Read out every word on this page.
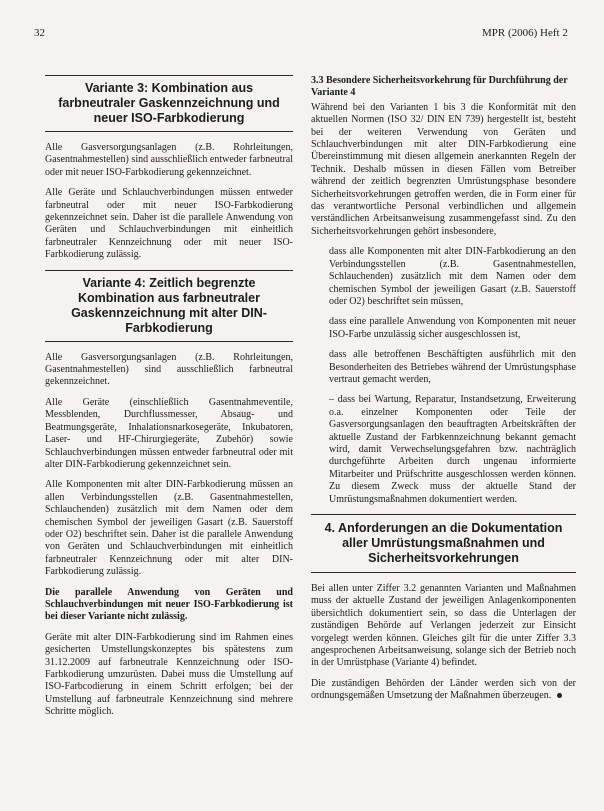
32	MPR (2006) Heft 2
Variante 3: Kombination aus farbneutraler Gaskennzeichnung und neuer ISO-Farbkodierung

Alle Gasversorgungsanlagen (z.B. Rohrleitungen, Gasentnahmestellen) sind ausschließlich entweder farbneutral oder mit neuer ISO-Farbkodierung gekennzeichnet.

Alle Geräte und Schlauchverbindungen müssen entweder farbneutral oder mit neuer ISO-Farbkodierung gekennzeichnet sein. Daher ist die parallele Anwendung von Geräten und Schlauchverbindungen mit einheitlich farbneutraler Kennzeichnung oder mit neuer ISO-Farbkodierung zulässig.

Variante 4: Zeitlich begrenzte Kombination aus farbneutraler Gaskennzeichnung mit alter DIN-Farbkodierung

Alle Gasversorgungsanlagen (z.B. Rohrleitungen, Gasentnahmestellen) sind ausschließlich farbneutral gekennzeichnet.

Alle Geräte (einschließlich Gasentnahmeventile, Messblenden, Durchflussmesser, Absaug- und Beatmungsgeräte, Inhalationsnarkosegeräte, Inkubatoren, Laser- und HF-Chirurgiegeräte, Zubehör) sowie Schlauchverbindungen müssen entweder farbneutral oder mit alter DIN-Farbkodierung gekennzeichnet sein.

Alle Komponenten mit alter DIN-Farbkodierung müssen an allen Verbindungsstellen (z.B. Gasentnahmestellen, Schlauchenden) zusätzlich mit dem Namen oder dem chemischen Symbol der jeweiligen Gasart (z.B. Sauerstoff oder O2) beschriftet sein. Daher ist die parallele Anwendung von Geräten und Schlauchverbindungen mit einheitlich farbneutraler Kennzeichnung oder mit alter DIN-Farbkodierung zulässig.

Die parallele Anwendung von Geräten und Schlauchverbindungen mit neuer ISO-Farbkodierung ist bei dieser Variante nicht zulässig.

Geräte mit alter DIN-Farbkodierung sind im Rahmen eines gesicherten Umstellungskonzeptes bis spätestens zum 31.12.2009 auf farbneutrale Kennzeichnung oder ISO-Farbkodierung umzurüsten. Dabei muss die Umstellung auf ISO-Farbcodierung in einem Schritt erfolgen; bei der Umstellung auf farbneutrale Kennzeichnung sind mehrere Schritte möglich.

3.3 Besondere Sicherheitsvorkehrung für Durchführung der Variante 4

Während bei den Varianten 1 bis 3 die Konformität mit den aktuellen Normen (ISO 32/ DIN EN 739) hergestellt ist, besteht bei der weiteren Verwendung von Geräten und Schlauchverbindungen mit alter DIN-Farbkodierung eine Übereinstimmung mit diesen allgemein anerkannten Regeln der Technik. Deshalb müssen in diesen Fällen vom Betreiber während der zeitlich begrenzten Umrüstungsphase besondere Sicherheitsvorkehrungen getroffen werden, die in Form einer für das verantwortliche Personal verbindlichen und allgemein verständlichen Arbeitsanweisung zusammengefasst sind. Zu den Sicherheitsvorkehrungen gehört insbesondere,

dass alle Komponenten mit alter DIN-Farbkodierung an den Verbindungsstellen (z.B. Gasentnahmestellen, Schlauchenden) zusätzlich mit dem Namen oder dem chemischen Symbol der jeweiligen Gasart (z.B. Sauerstoff oder O2) beschriftet sein müssen,

dass eine parallele Anwendung von Komponenten mit neuer ISO-Farbe unzulässig sicher ausgeschlossen ist,

dass alle betroffenen Beschäftigten ausführlich mit den Besonderheiten des Betriebes während der Umrüstungsphase vertraut gemacht werden,

– dass bei Wartung, Reparatur, Instandsetzung, Erweiterung o.a. einzelner Komponenten oder Teile der Gasversorgungsanlagen den beauftragten Arbeitskräften der aktuelle Zustand der Farbkennzeichnung bekannt gemacht wird, damit Verwechselungsgefahren bzw. nachträglich durchgeführte Arbeiten durch ungenau informierte Mitarbeiter und Prüfschritte ausgeschlossen werden können. Zu diesem Zweck muss der aktuelle Stand der Umrüstungsmaßnahmen dokumentiert werden.

4. Anforderungen an die Dokumentation aller Umrüstungsmaßnahmen und Sicherheitsvorkehrungen

Bei allen unter Ziffer 3.2 genannten Varianten und Maßnahmen muss der aktuelle Zustand der jeweiligen Anlagenkomponenten übersichtlich dokumentiert sein, so dass die Unterlagen der zuständigen Behörde auf Verlangen jederzeit zur Einsicht vorgelegt werden können. Gleiches gilt für die unter Ziffer 3.3 angesprochenen Arbeitsanweisung, solange sich der Betrieb noch in der Umrüstphase (Variante 4) befindet.

Die zuständigen Behörden der Länder werden sich von der ordnungsgemäßen Umsetzung der Maßnahmen überzeugen.
